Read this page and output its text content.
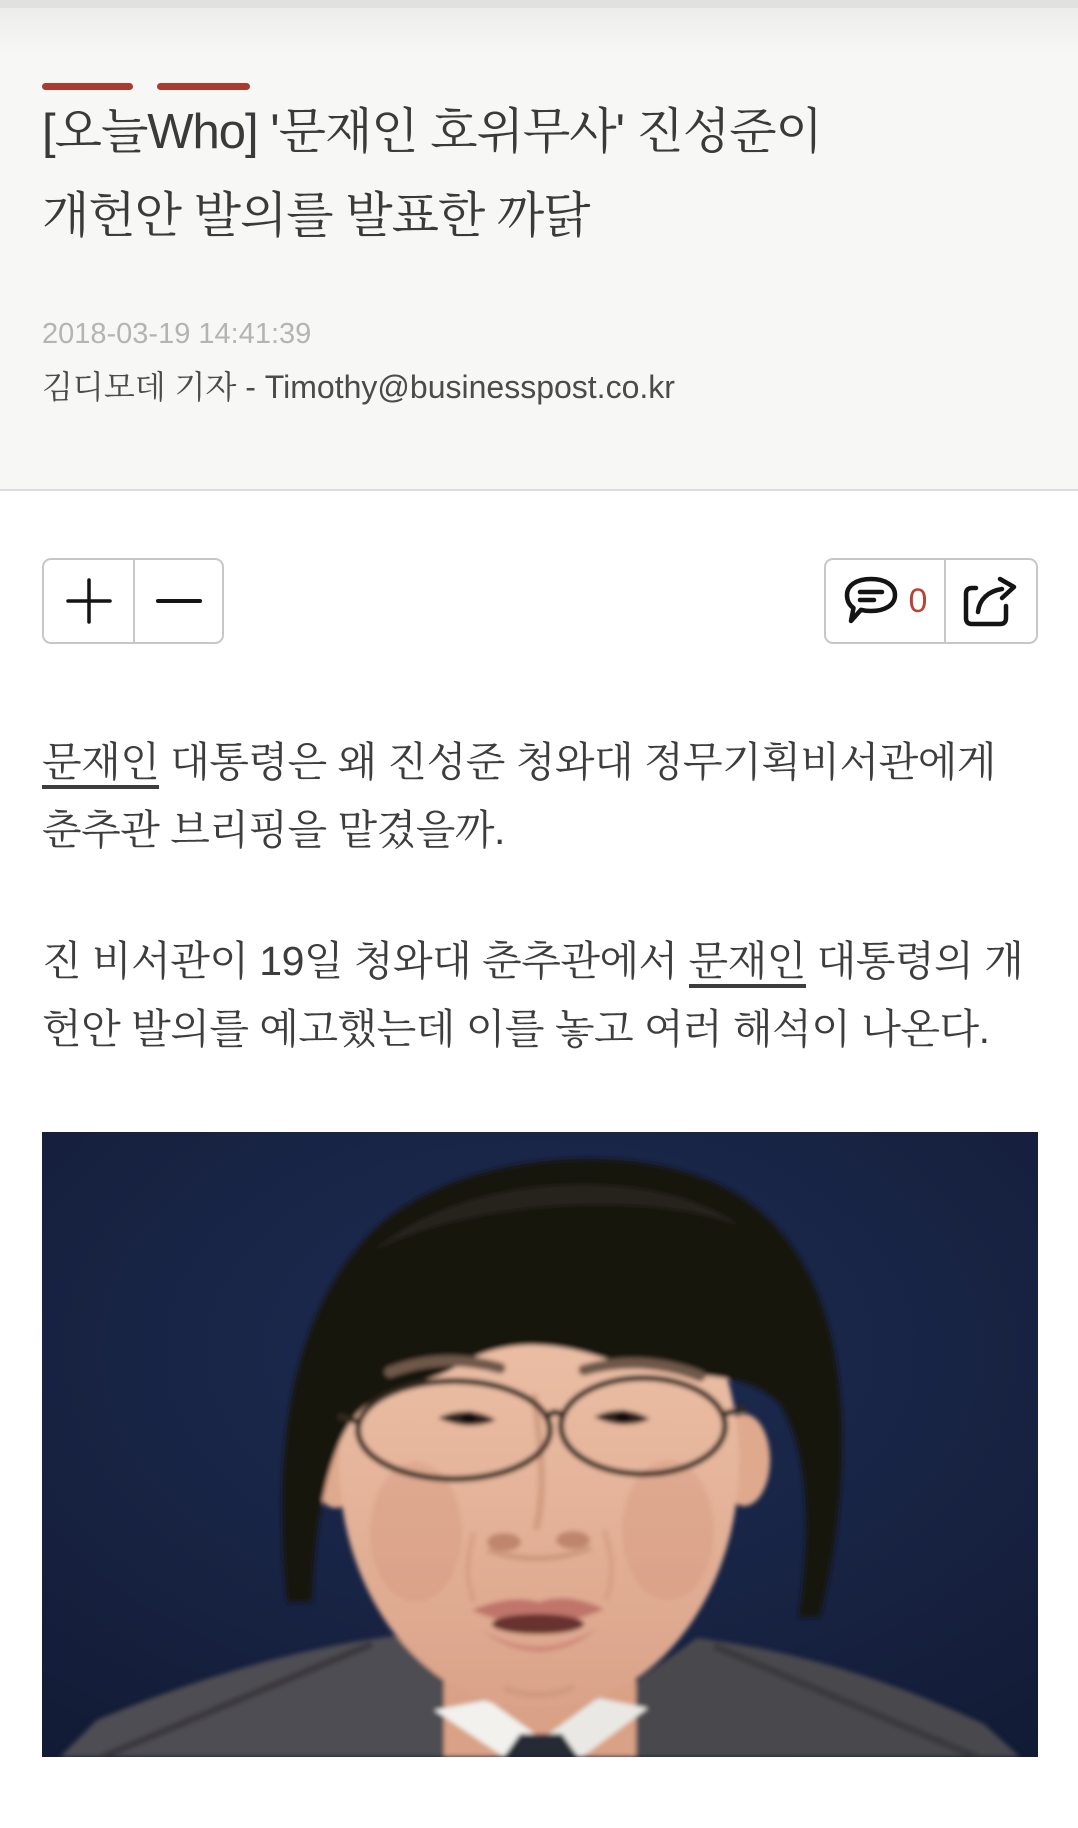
[오늘Who] '문재인 호위무사' 진성준이
개헌안 발의를 발표한 까닭
2018-03-19 14:41:39
김디모데 기자 - Timothy@businesspost.co.kr
0

문재인 대통령은 왜 진성준 청와대 정무기획비서관에게 춘추관 브리핑을 맡겼을까.

진 비서관이 19일 청와대 춘추관에서 문재인 대통령의 개헌안 발의를 예고했는데 이를 놓고 여러 해석이 나온다.
